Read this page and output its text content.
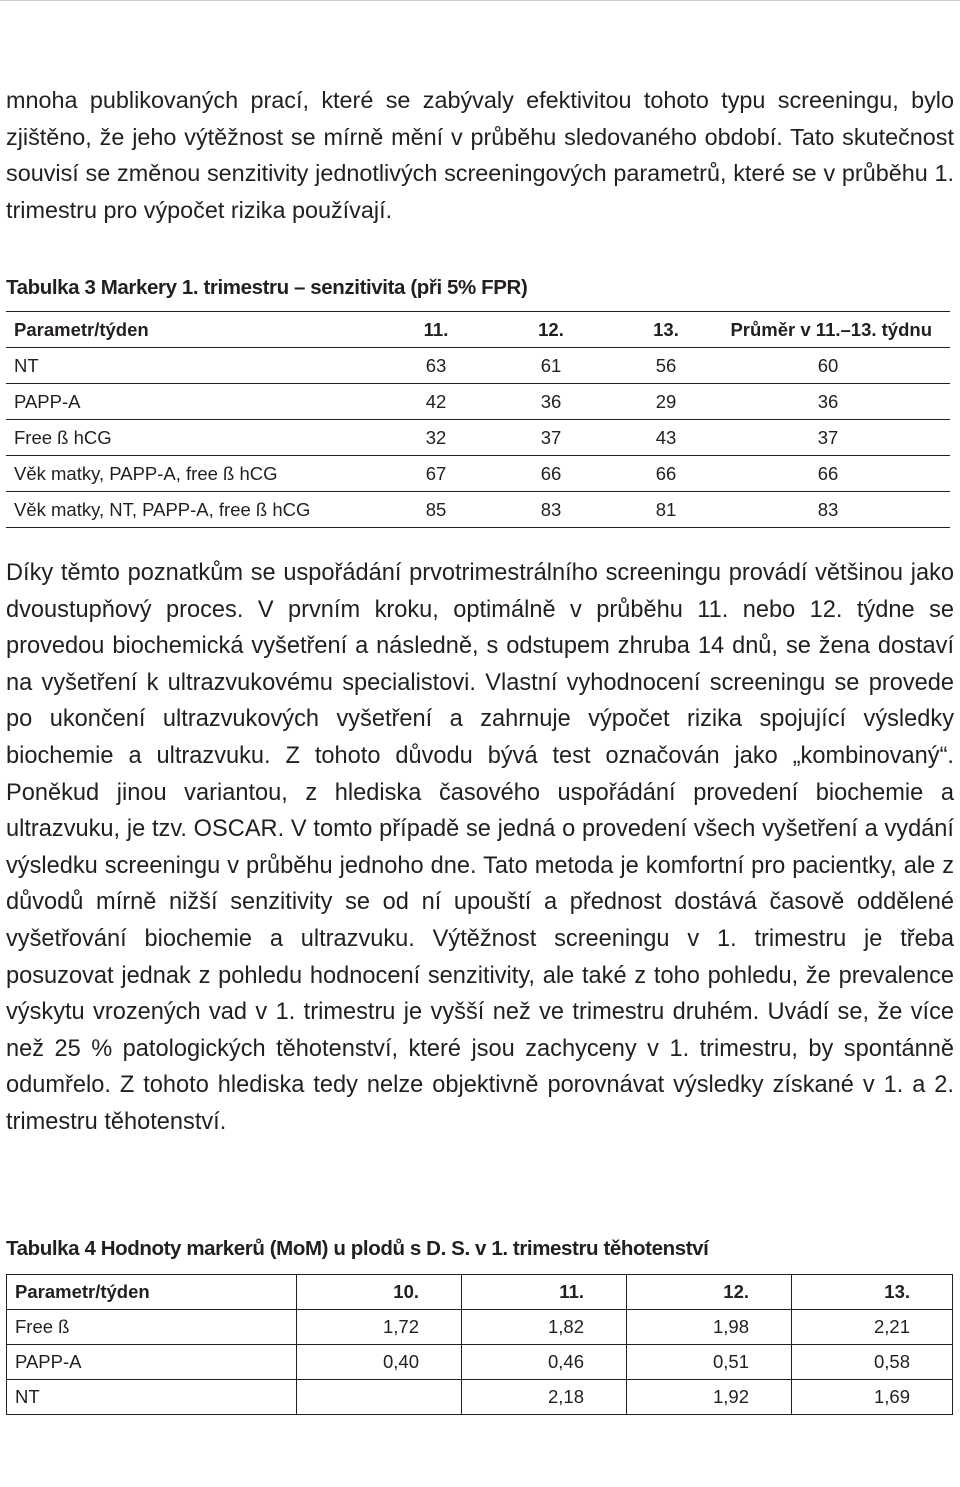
mnoha publikovaných prací, které se zabývaly efektivitou tohoto typu screeningu, bylo zjištěno, že jeho výtěžnost se mírně mění v průběhu sledovaného období. Tato skutečnost souvisí se změnou senzitivity jednotlivých screeningových parametrů, které se v průběhu 1. trimestru pro výpočet rizika používají.

Tabulka 3 Markery 1. trimestru – senzitivita (při 5% FPR)

Parametr/týden	11.	12.	13.	Průměr v 11.–13. týdnu
NT	63	61	56	60
PAPP-A	42	36	29	36
Free ß hCG	32	37	43	37
Věk matky, PAPP-A, free ß hCG	67	66	66	66
Věk matky, NT, PAPP-A, free ß hCG	85	83	81	83

Díky těmto poznatkům se uspořádání prvotrimestrálního screeningu provádí většinou jako dvoustupňový proces. V prvním kroku, optimálně v průběhu 11. nebo 12. týdne se provedou biochemická vyšetření a následně, s odstupem zhruba 14 dnů, se žena dostaví na vyšetření k ultrazvukovému specialistovi. Vlastní vyhodnocení screeningu se provede po ukončení ultrazvukových vyšetření a zahrnuje výpočet rizika spojující výsledky biochemie a ultrazvuku. Z tohoto důvodu bývá test označován jako „kombinovaný“. Poněkud jinou variantou, z hlediska časového uspořádání provedení biochemie a ultrazvuku, je tzv. OSCAR. V tomto případě se jedná o provedení všech vyšetření a vydání výsledku screeningu v průběhu jednoho dne. Tato metoda je komfortní pro pacientky, ale z důvodů mírně nižší senzitivity se od ní upouští a přednost dostává časově oddělené vyšetřování biochemie a ultrazvuku. Výtěžnost screeningu v 1. trimestru je třeba posuzovat jednak z pohledu hodnocení senzitivity, ale také z toho pohledu, že prevalence výskytu vrozených vad v 1. trimestru je vyšší než ve trimestru druhém. Uvádí se, že více než 25 % patologických těhotenství, které jsou zachyceny v 1. trimestru, by spontánně odumřelo. Z tohoto hlediska tedy nelze objektivně porovnávat výsledky získané v 1. a 2. trimestru těhotenství.

Tabulka 4 Hodnoty markerů (MoM) u plodů s D. S. v 1. trimestru těhotenství

Parametr/týden	10.	11.	12.	13.
Free ß	1,72	1,82	1,98	2,21
PAPP-A	0,40	0,46	0,51	0,58
NT		2,18	1,92	1,69
